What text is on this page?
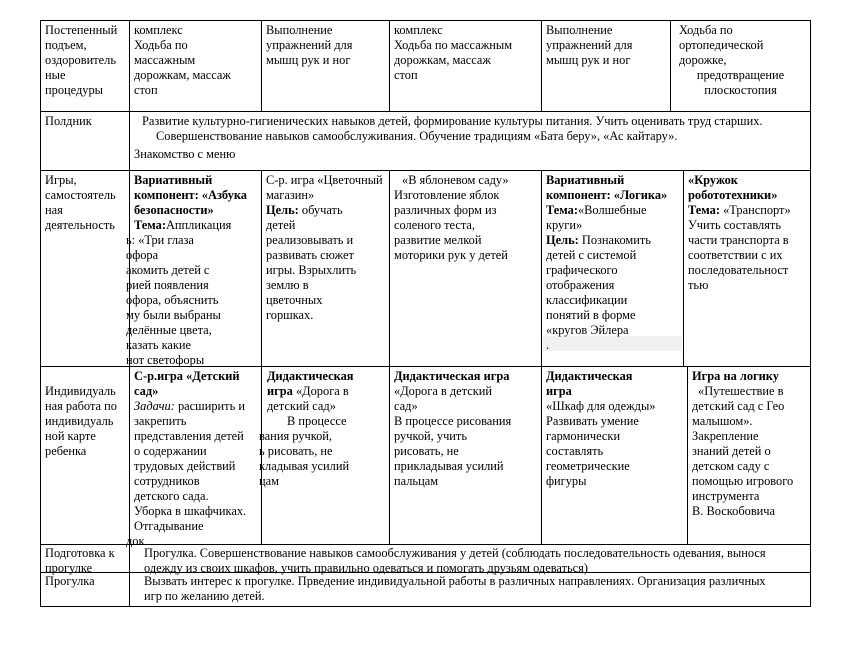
Постепенный
подъем,
оздоровитель
ные
процедуры
комплекс
Ходьба по
массажным
дорожкам, массаж
стоп
Выполнение
упражнений для
мышц рук и ног
комплекс
Ходьба по массажным
дорожкам, массаж
стоп
Выполнение
упражнений для
мышц рук и ног
Ходьба по
ортопедической
дорожке,
предотвращение
плоскостопия
Полдник	Развитие культурно-гигиенических навыков детей, формирование культуры питания. Учить оценивать труд старших.
Совершенствование навыков самообслуживания. Обучение традициям «Бата беру», «Ас кайтару».
Знакомство с меню
Игры,
самостоятель
ная
деятельность
Вариативный
компонент: «Азбука
безопасности»
Тема:Аппликация
ь: «Три глаза
офора
акомить детей с
рией появления
офора, объяснить
му были выбраны
делённые цвета,
казать какие
нот светофоры
С-р. игра «Цветочный
магазин»
Цель: обучать
детей
реализовывать и
развивать сюжет
игры. Взрыхлить
землю в
цветочных
горшках.
«В яблоневом саду»
Изготовление яблок
различных форм из
соленого теста,
развитие мелкой
моторики рук у детей
Вариативный
компонент: «Логика»
Тема:«Волшебные
круги»
Цель: Познакомить
детей с системой
графического
отображения
классификации
понятий в форме
«кругов Эйлера
.
«Кружок
робототехники»
Тема: «Транспорт»
Учить составлять
части транспорта в
соответствии с их
последовательност
тью
Индивидуаль
ная работа по
индивидуаль
ной карте
ребенка
С-р.игра «Детский
сад»
Задачи: расширить и
закрепить
представления детей
о содержании
трудовых действий
сотрудников
детского сада.
Уборка в шкафчиках.
Отгадывание
док
Дидактическая
игра «Дорога в
детский сад»
В процессе
вания ручкой,
ь рисовать, не
кладывая усилий
цам
Дидактическая игра
«Дорога в детский
сад»
В процессе рисования
ручкой, учить
рисовать, не
прикладывая усилий
пальцам
Дидактическая
игра
«Шкаф для одежды»
Развивать умение
гармонически
составлять
геометрические
фигуры
Игра на логику
«Путешествие в
детский сад с Гео
малышом».
Закрепление
знаний детей о
детском саду с
помощью игрового
инструмента
В. Воскобовича
Подготовка к
прогулке
Прогулка. Совершенствование навыков самообслуживания у детей (соблюдать последовательность одевания, вынося
одежду из своих шкафов, учить правильно одеваться и помогать друзьям одеваться)
Прогулка	Вызвать интерес к прогулке. Пpведение индивидуальной работы в различных направлениях. Организация различных
игр по желанию детей.
